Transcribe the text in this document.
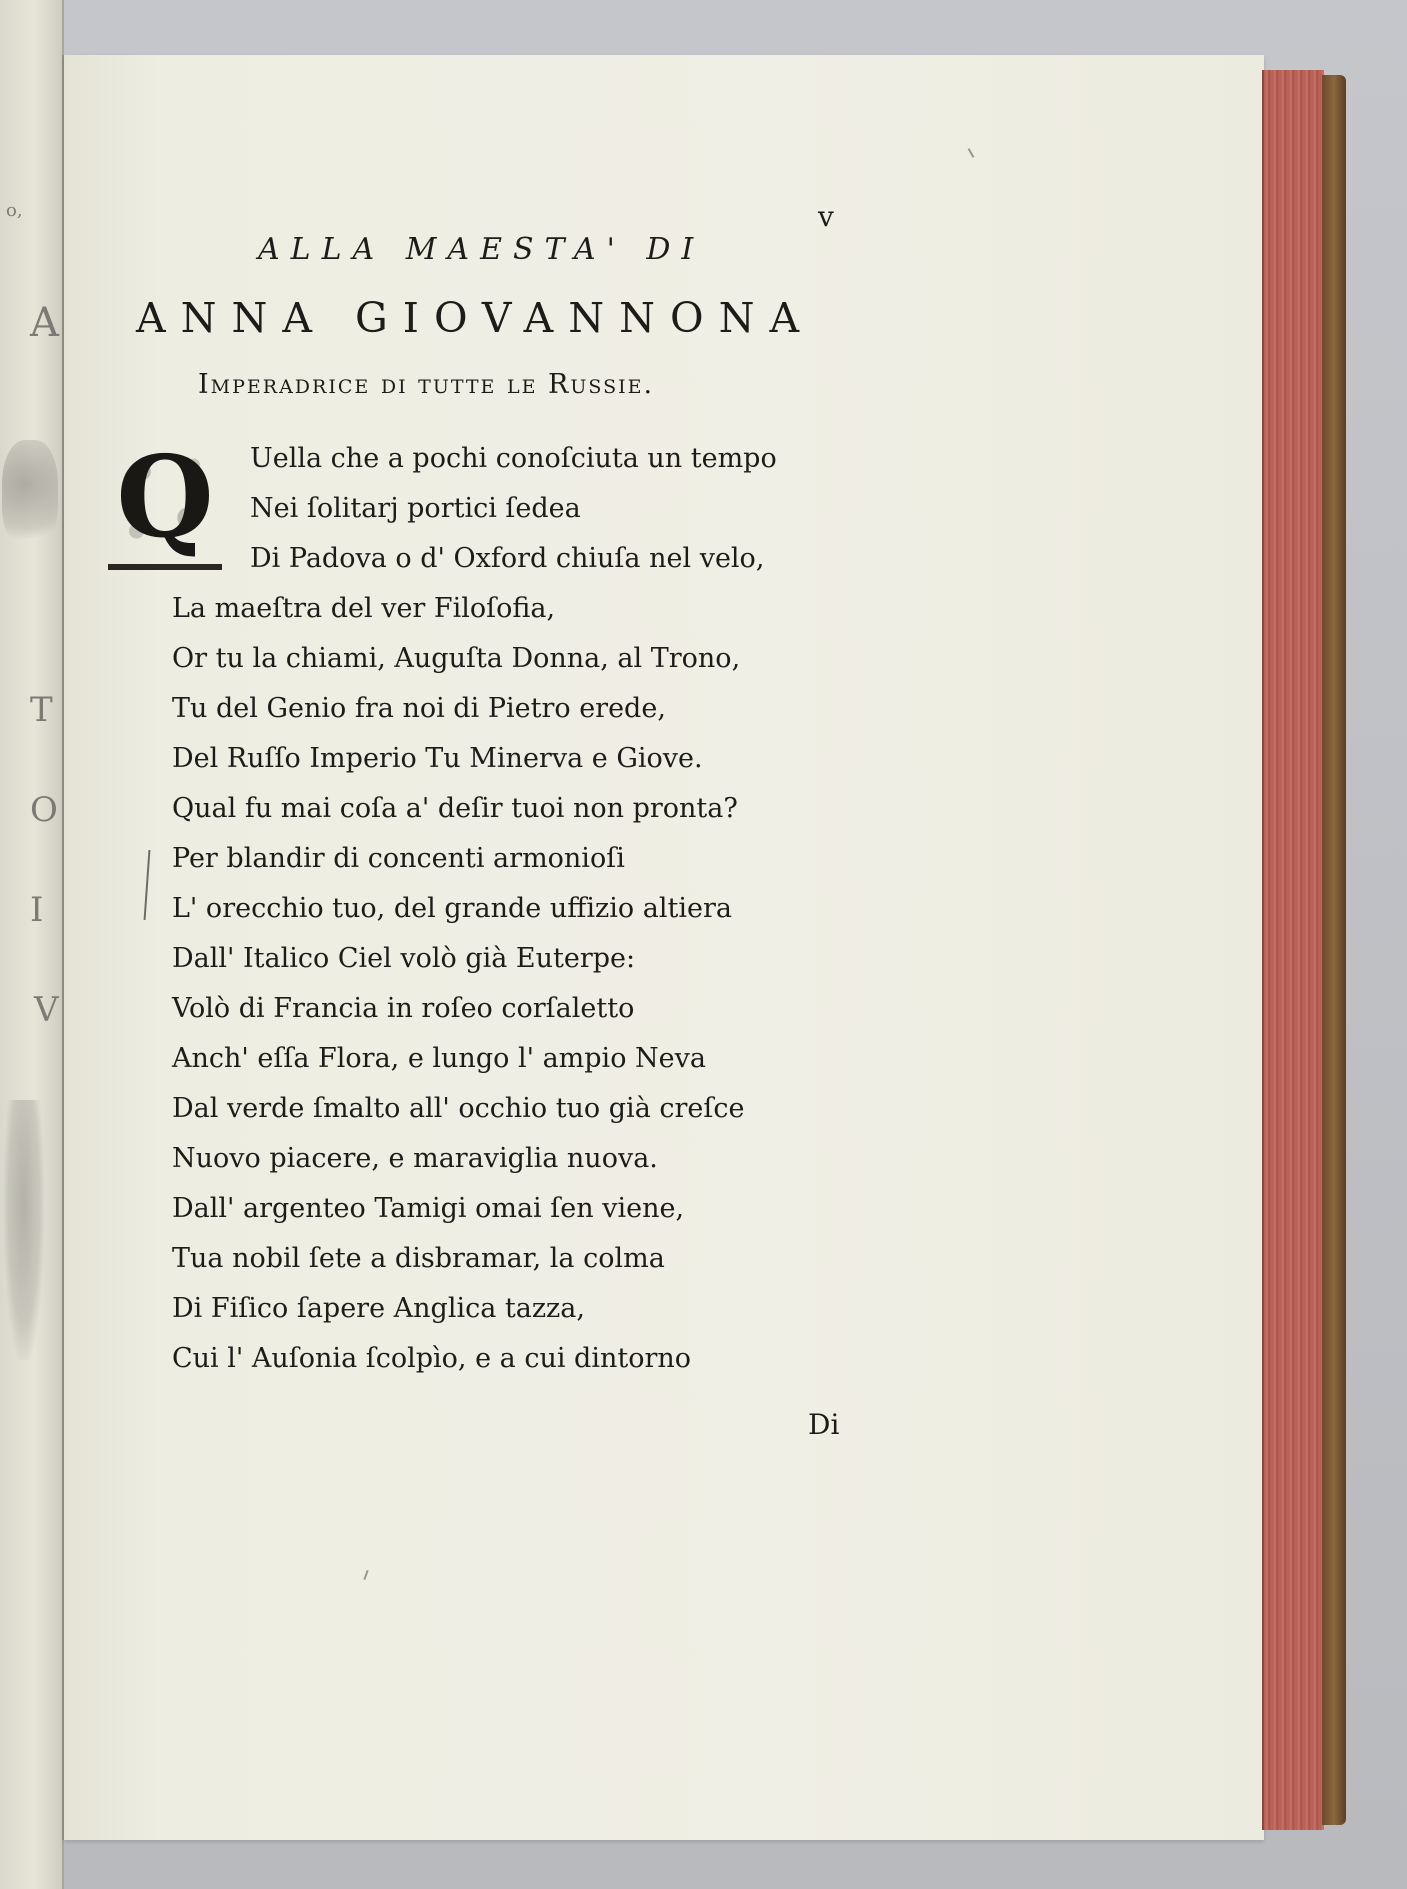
o,
A
T
O
I
V

v

ALLA MAESTA' DI

ANNA GIOVANNONA

Imperadrice di tutte le Russie.

Q	Uella che a pochi conoſciuta un tempo
Nei ſolitarj portici ſedea
Di Padova o d' Oxford chiuſa nel velo,
La maeſtra del ver Filoſofia,
Or tu la chiami, Auguſta Donna, al Trono,
Tu del Genio fra noi di Pietro erede,
Del Ruſſo Imperio Tu Minerva e Giove.
Qual fu mai coſa a' deſir tuoi non pronta?
Per blandir di concenti armonioſi
L' orecchio tuo, del grande uffizio altiera
Dall' Italico Ciel volò già Euterpe:
Volò di Francia in roſeo corſaletto
Anch' eſſa Flora, e lungo l' ampio Neva
Dal verde ſmalto all' occhio tuo già creſce
Nuovo piacere, e maraviglia nuova.
Dall' argenteo Tamigi omai ſen viene,
Tua nobil ſete a disbramar, la colma
Di Fiſico ſapere Anglica tazza,
Cui l' Auſonia ſcolpìo, e a cui dintorno

Di
